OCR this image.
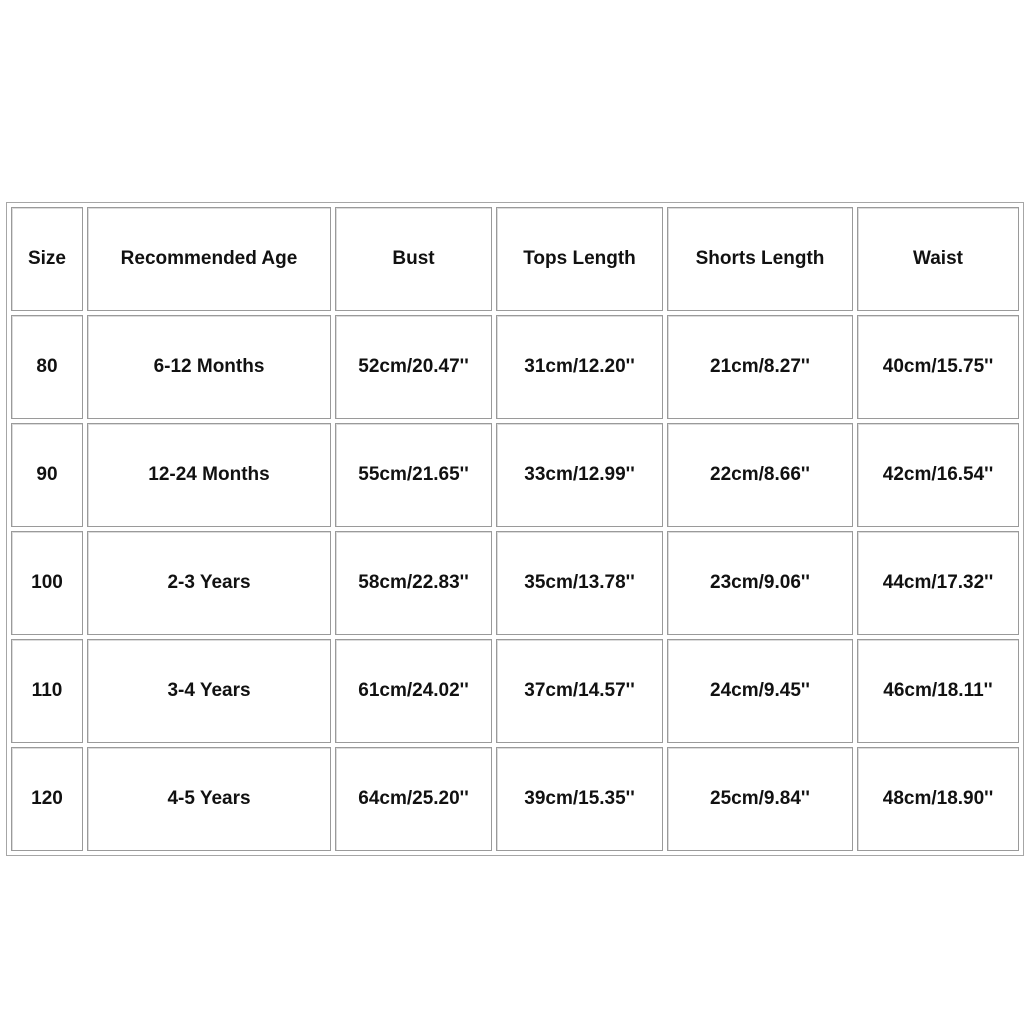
Size	Recommended Age	Bust	Tops Length	Shorts Length	Waist
80	6-12 Months	52cm/20.47''	31cm/12.20''	21cm/8.27''	40cm/15.75''
90	12-24 Months	55cm/21.65''	33cm/12.99''	22cm/8.66''	42cm/16.54''
100	2-3 Years	58cm/22.83''	35cm/13.78''	23cm/9.06''	44cm/17.32''
110	3-4 Years	61cm/24.02''	37cm/14.57''	24cm/9.45''	46cm/18.11''
120	4-5 Years	64cm/25.20''	39cm/15.35''	25cm/9.84''	48cm/18.90''
